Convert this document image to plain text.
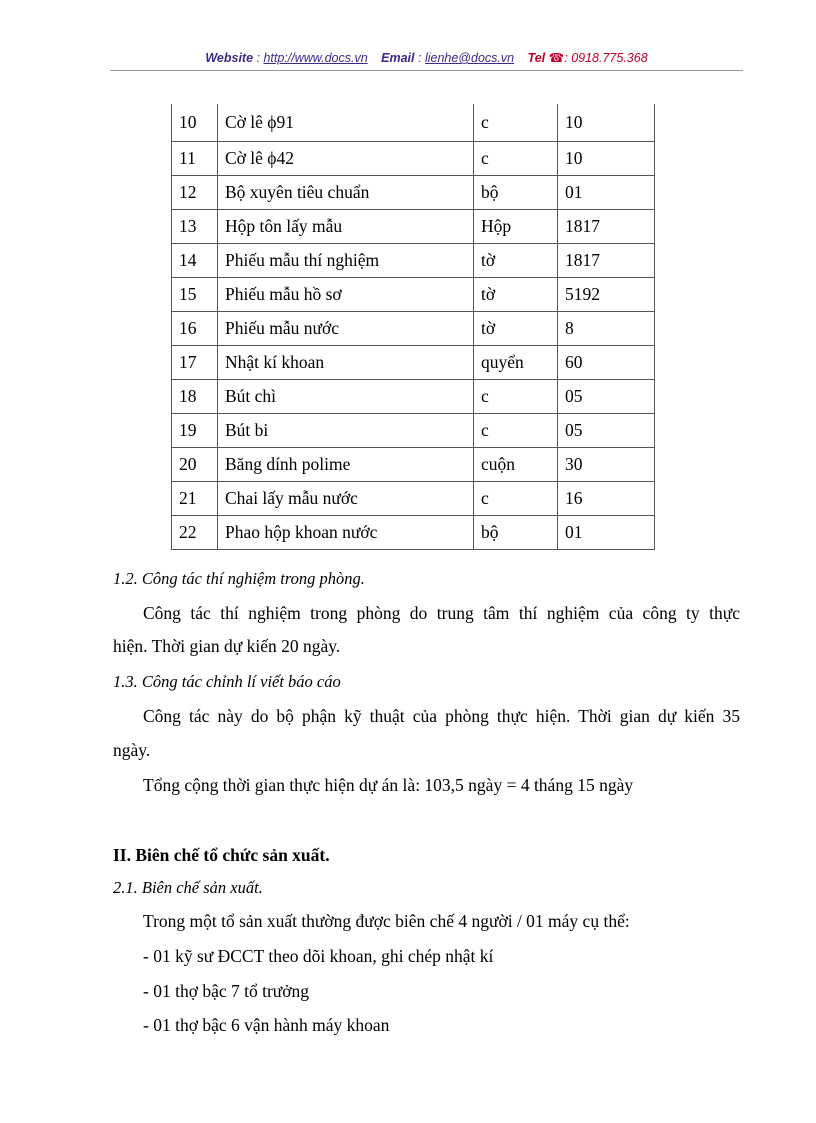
Website : http://www.docs.vn Email : lienhe@docs.vn Tel ☎: 0918.775.368
10	Cờ lê ϕ91	c	10
11	Cờ lê ϕ42	c	10
12	Bộ xuyên tiêu chuẩn	bộ	01
13	Hộp tôn lấy mẫu	Hộp	1817
14	Phiếu mẫu thí nghiệm	tờ	1817
15	Phiếu mẫu hồ sơ	tờ	5192
16	Phiếu mẫu nước	tờ	8
17	Nhật kí khoan	quyển	60
18	Bút chì	c	05
19	Bút bi	c	05
20	Băng dính polime	cuộn	30
21	Chai lấy mẫu nước	c	16
22	Phao hộp khoan nước	bộ	01
1.2. Công tác thí nghiệm trong phòng.
Công tác thí nghiệm trong phòng do trung tâm thí nghiệm của công ty thực
hiện. Thời gian dự kiến 20 ngày.
1.3. Công tác chỉnh lí viết báo cáo
Công tác này do bộ phận kỹ thuật của phòng thực hiện. Thời gian dự kiến 35
ngày.
Tổng cộng thời gian thực hiện dự án là: 103,5 ngày = 4 tháng 15 ngày
II. Biên chế tổ chức sản xuất.
2.1. Biên chế sản xuất.
Trong một tổ sản xuất thường được biên chế 4 người / 01 máy cụ thể:
- 01 kỹ sư ĐCCT theo dõi khoan, ghi chép nhật kí
- 01 thợ bậc 7 tổ trưởng
- 01 thợ bậc 6 vận hành máy khoan
